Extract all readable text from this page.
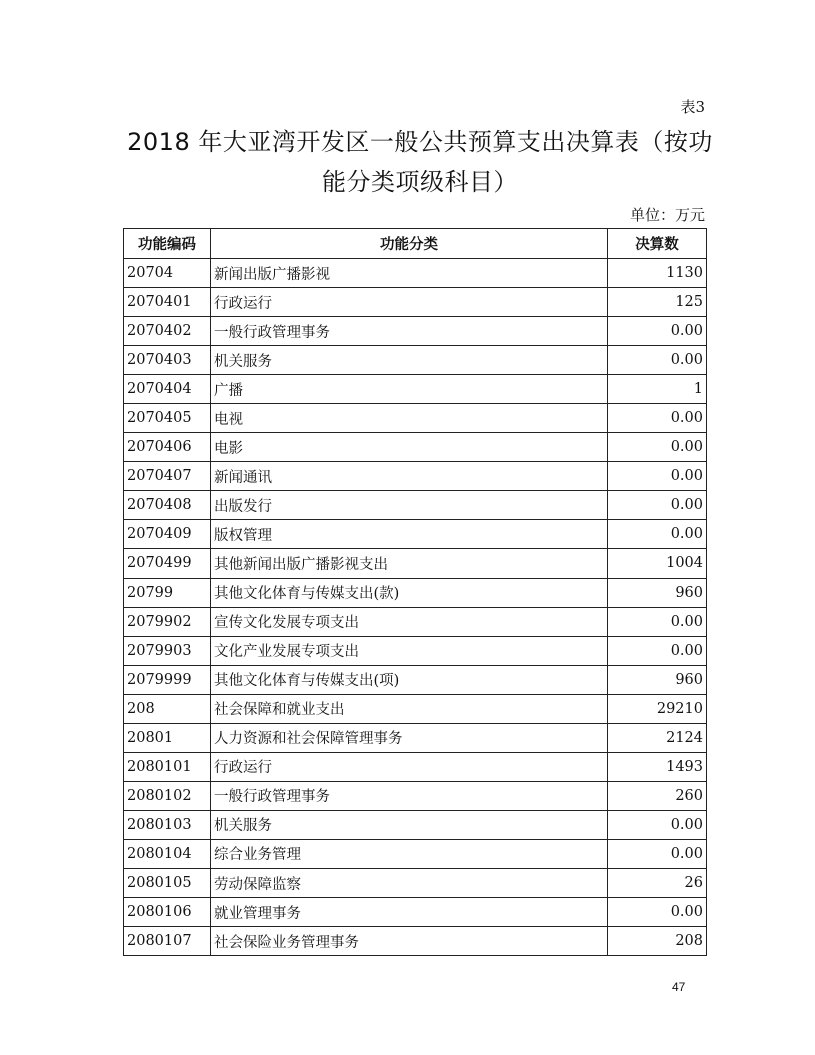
表3
2018 年大亚湾开发区一般公共预算支出决算表（按功
能分类项级科目）
单位：万元
功能编码	功能分类	决算数
20704	新闻出版广播影视	1130
2070401	行政运行	125
2070402	一般行政管理事务	0.00
2070403	机关服务	0.00
2070404	广播	1
2070405	电视	0.00
2070406	电影	0.00
2070407	新闻通讯	0.00
2070408	出版发行	0.00
2070409	版权管理	0.00
2070499	其他新闻出版广播影视支出	1004
20799	其他文化体育与传媒支出(款)	960
2079902	宣传文化发展专项支出	0.00
2079903	文化产业发展专项支出	0.00
2079999	其他文化体育与传媒支出(项)	960
208	社会保障和就业支出	29210
20801	人力资源和社会保障管理事务	2124
2080101	行政运行	1493
2080102	一般行政管理事务	260
2080103	机关服务	0.00
2080104	综合业务管理	0.00
2080105	劳动保障监察	26
2080106	就业管理事务	0.00
2080107	社会保险业务管理事务	208
47
